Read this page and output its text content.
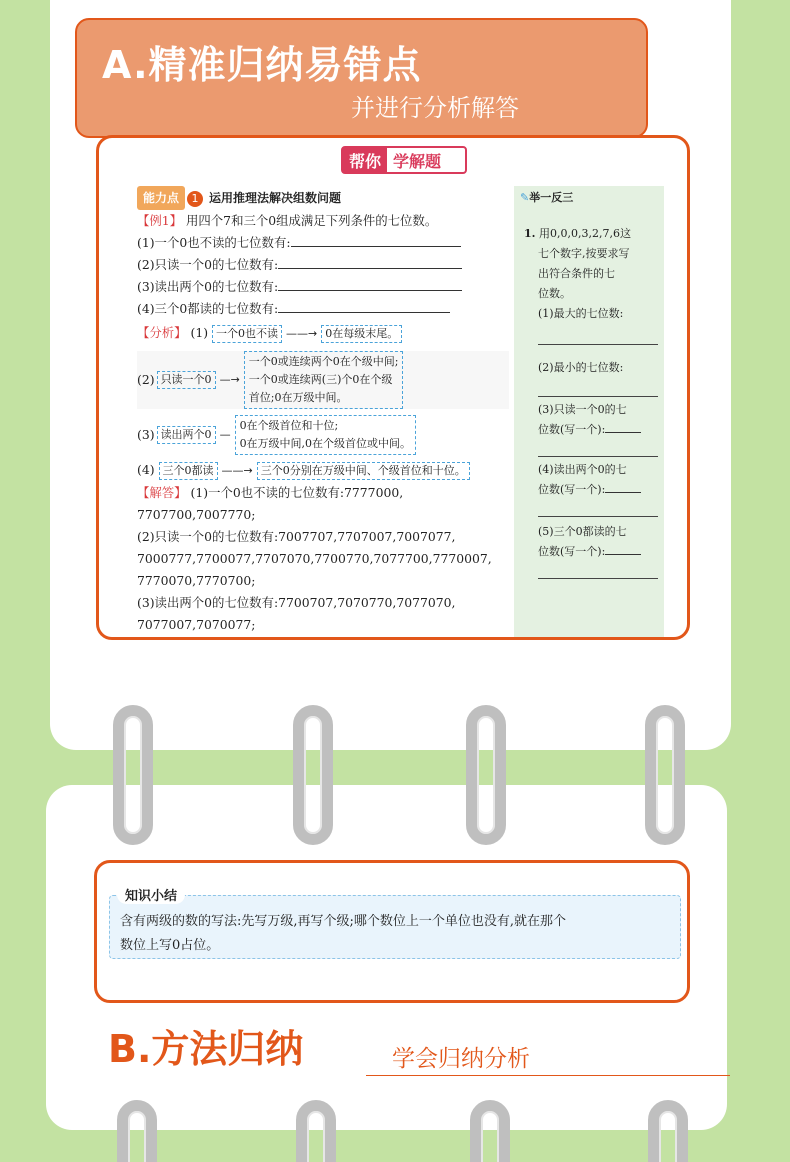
A.精准归纳易错点
并进行分析解答
帮你 学解题
能力点 1 运用推理法解决组数问题
【例1】 用四个7和三个0组成满足下列条件的七位数。
(1)一个0也不读的七位数有:
(2)只读一个0的七位数有:
(3)读出两个0的七位数有:
(4)三个0都读的七位数有:
【分析】 (1) 一个0也不读 ——→ 0在每级末尾。
(2) 只读一个0 —→
一个0或连续两个0在个级中间;
一个0或连续两(三)个0在个级
首位;0在万级中间。
(3) 读出两个0 —
0在个级首位和十位;
0在万级中间,0在个级首位或中间。
(4) 三个0都读 ——→ 三个0分别在万级中间、个级首位和十位。
【解答】 (1)一个0也不读的七位数有:7777000,
7707700,7007770;
(2)只读一个0的七位数有:7007707,7707007,7007077,
7000777,7700077,7707070,7700770,7077700,7770007,
7770070,7770700;
(3)读出两个0的七位数有:7700707,7070770,7077070,
7077007,7070077;
✎举一反三
1. 用0,0,0,3,2,7,6这
七个数字,按要求写
出符合条件的七
位数。
(1)最大的七位数:
(2)最小的七位数:
(3)只读一个0的七
位数(写一个):
(4)读出两个0的七
位数(写一个):
(5)三个0都读的七
位数(写一个):
含有两级的数的写法:先写万级,再写个级;哪个数位上一个单位也没有,就在那个
数位上写0占位。
知识小结
B.方法归纳	学会归纳分析
